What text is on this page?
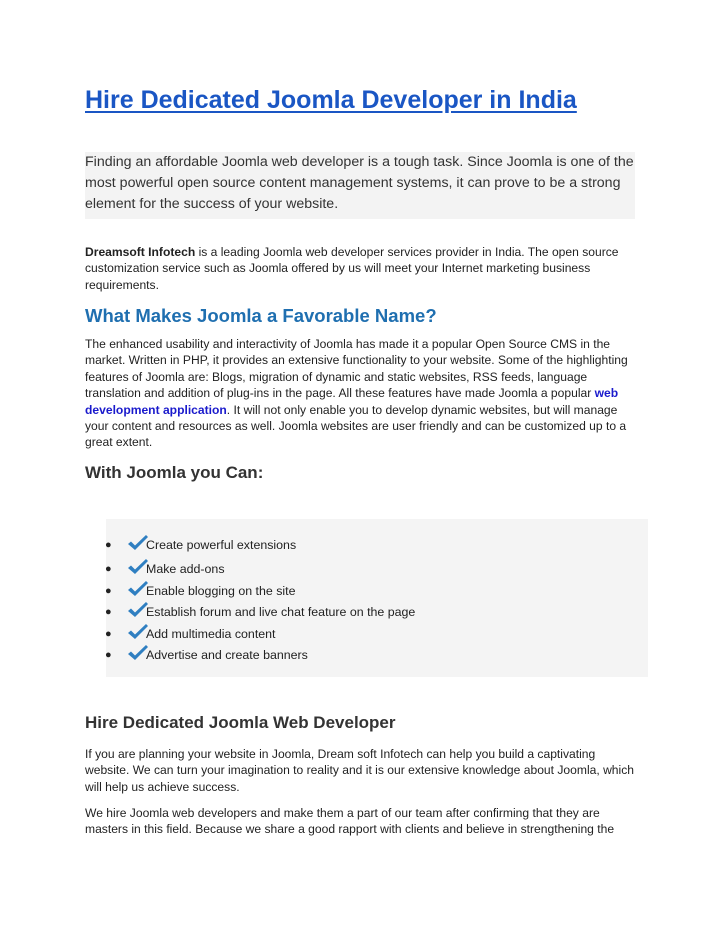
Hire Dedicated Joomla Developer in India

Finding an affordable Joomla web developer is a tough task. Since Joomla is one of the most powerful open source content management systems, it can prove to be a strong element for the success of your website.

Dreamsoft Infotech is a leading Joomla web developer services provider in India. The open source customization service such as Joomla offered by us will meet your Internet marketing business requirements.

What Makes Joomla a Favorable Name?

The enhanced usability and interactivity of Joomla has made it a popular Open Source CMS in the market. Written in PHP, it provides an extensive functionality to your website. Some of the highlighting features of Joomla are: Blogs, migration of dynamic and static websites, RSS feeds, language translation and addition of plug-ins in the page. All these features have made Joomla a popular web development application. It will not only enable you to develop dynamic websites, but will manage your content and resources as well. Joomla websites are user friendly and can be customized up to a great extent.

With Joomla you Can:
●	Create powerful extensions
●	Make add-ons
●	Enable blogging on the site
●	Establish forum and live chat feature on the page
●	Add multimedia content
●	Advertise and create banners
Hire Dedicated Joomla Web Developer

If you are planning your website in Joomla, Dream soft Infotech can help you build a captivating website. We can turn your imagination to reality and it is our extensive knowledge about Joomla, which will help us achieve success.

We hire Joomla web developers and make them a part of our team after confirming that they are masters in this field. Because we share a good rapport with clients and believe in strengthening the
